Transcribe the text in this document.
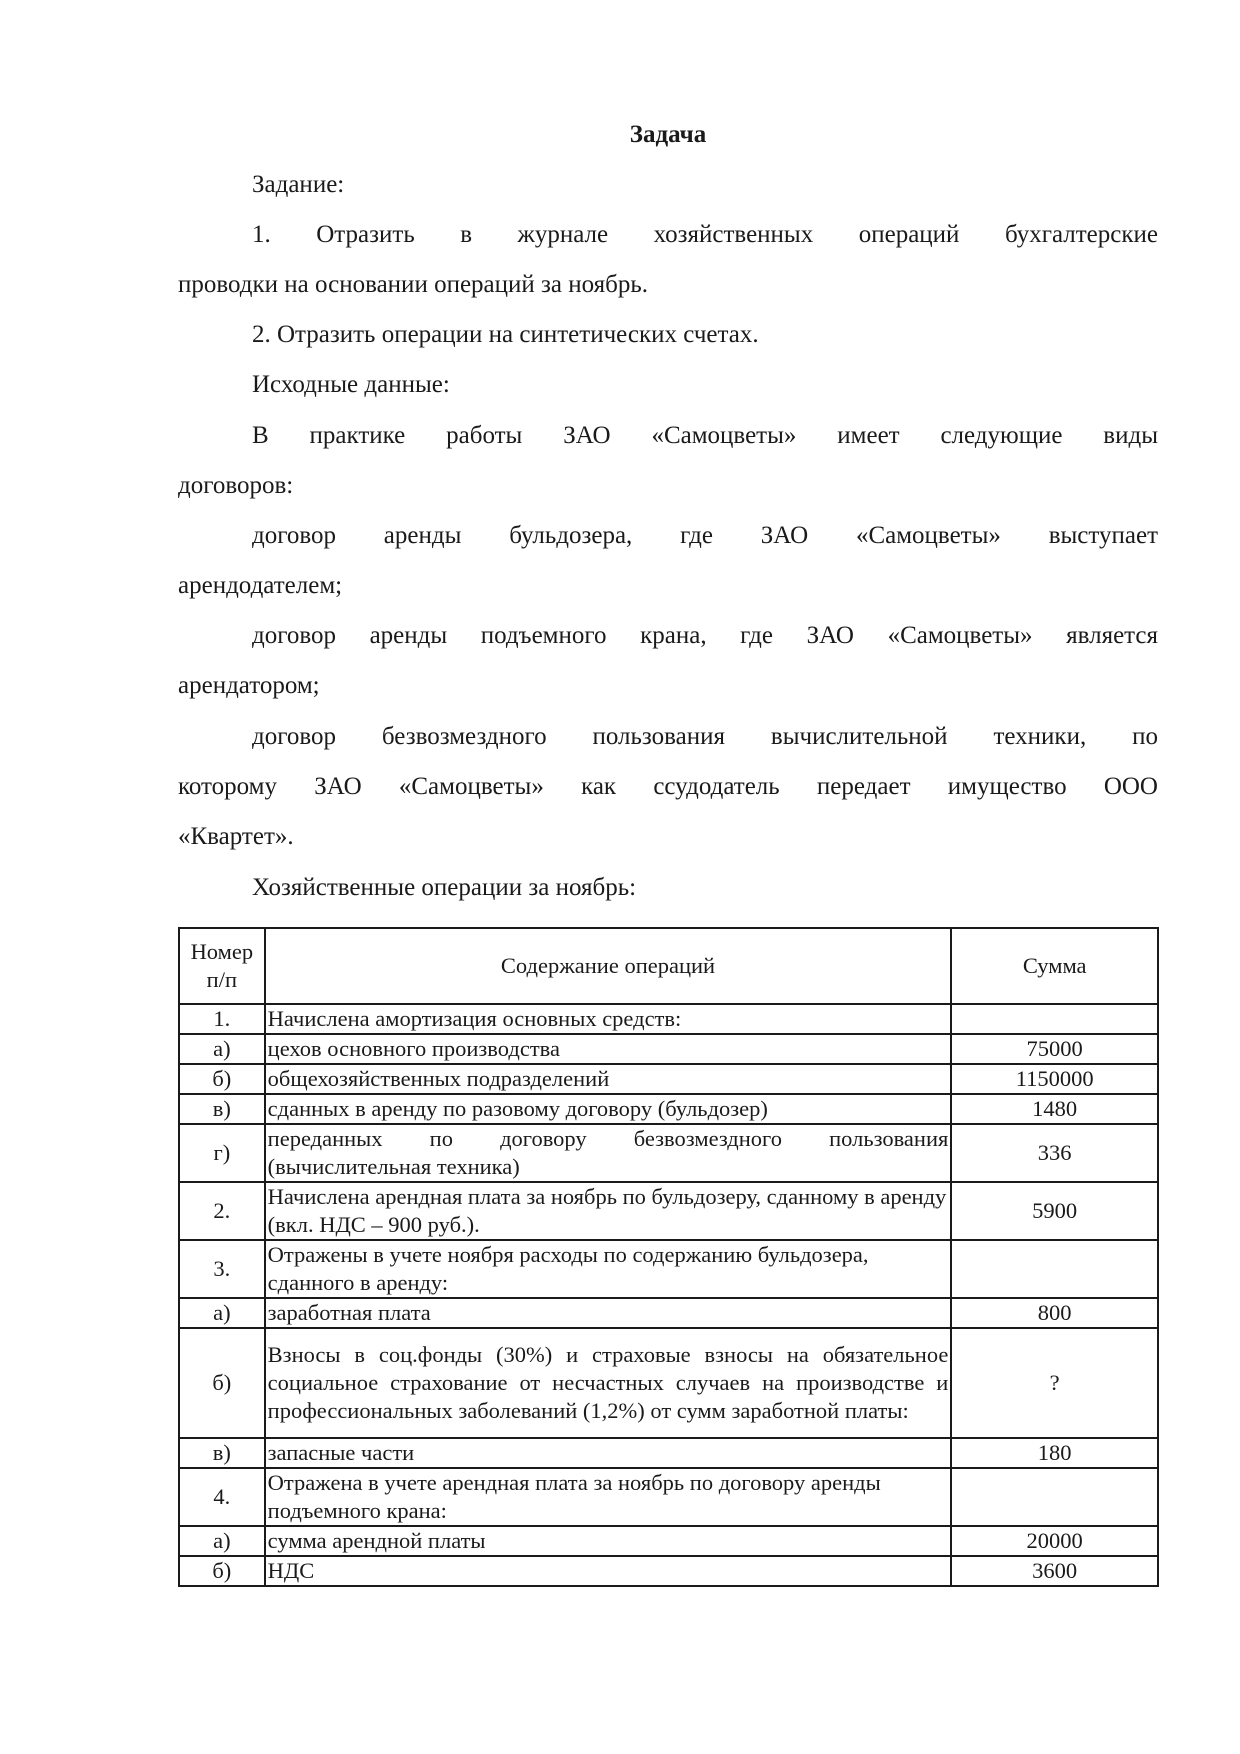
Задача
Задание:
1. Отразить в журнале хозяйственных операций бухгалтерские
проводки на основании операций за ноябрь.
2. Отразить операции на синтетических счетах.
Исходные данные:
В практике работы ЗАО «Самоцветы» имеет следующие виды
договоров:
договор аренды бульдозера, где ЗАО «Самоцветы» выступает
арендодателем;
договор аренды подъемного крана, где ЗАО «Самоцветы» является
арендатором;
договор безвозмездного пользования вычислительной техники, по
которому ЗАО «Самоцветы» как ссудодатель передает имущество ООО
«Квартет».
Хозяйственные операции за ноябрь:
Номер
п/п	Содержание операций	Сумма
1.	Начислена амортизация основных средств:	
а)	цехов основного производства	75000
б)	общехозяйственных подразделений	1150000
в)	сданных в аренду по разовому договору (бульдозер)	1480
г)	переданных по договору безвозмездного пользования (вычислительная техника)	336
2.	Начислена арендная плата за ноябрь по бульдозеру, сданному в аренду (вкл. НДС – 900 руб.).	5900
3.	Отражены в учете ноября расходы по содержанию бульдозера, сданного в аренду:	
а)	заработная плата	800
б)	Взносы в соц.фонды (30%) и страховые взносы на обязательное социальное страхование от несчастных случаев на производстве и профессиональных заболеваний (1,2%) от сумм заработной платы:	?
в)	запасные части	180
4.	Отражена в учете арендная плата за ноябрь по договору аренды подъемного крана:	
а)	сумма арендной платы	20000
б)	НДС	3600
